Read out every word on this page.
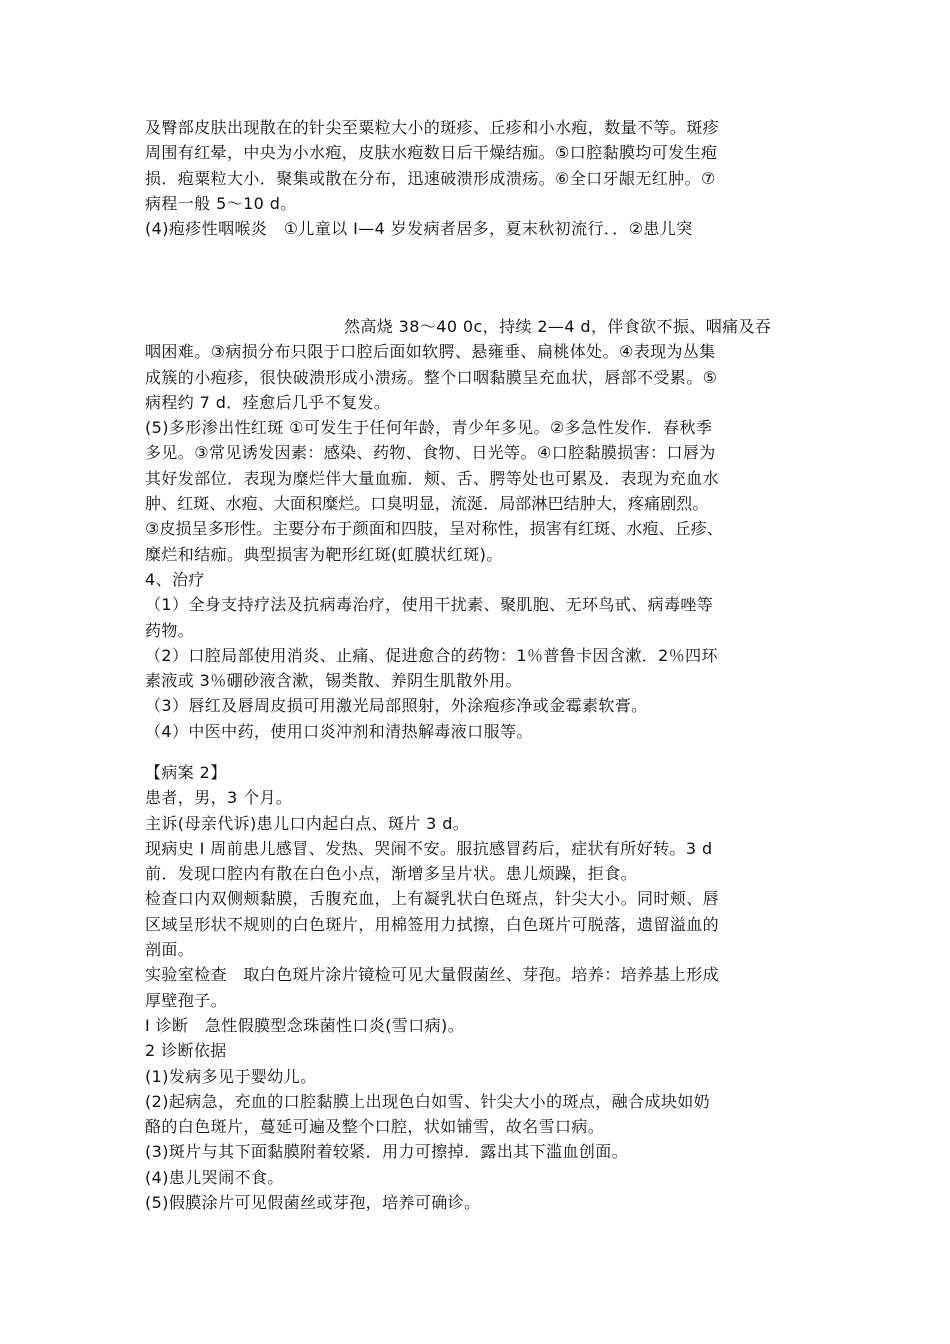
及臀部皮肤出现散在的针尖至粟粒大小的斑疹、丘疹和小水疱，数量不等。斑疹

周围有红晕，中央为小水疱，皮肤水疱数日后干燥结痂。⑤口腔黏膜均可发生疱

损．疱粟粒大小．聚集或散在分布，迅速破溃形成溃疡。⑥全口牙龈无红肿。⑦

病程一般 5～10 d。

(4)疱疹性咽喉炎　①儿童以 I—4 岁发病者居多，夏末秋初流行．．②患儿突

然高烧 38～40 0c，持续 2—4 d，伴食欲不振、咽痛及吞

咽困难。③病损分布只限于口腔后面如软腭、悬雍垂、扁桃体处。④表现为丛集

成簇的小疱疹，很快破溃形成小溃疡。整个口咽黏膜呈充血状，唇部不受累。⑤

病程约 7 d．痊愈后几乎不复发。

(5)多形渗出性红斑 ①可发生于任何年龄，青少年多见。②多急性发作．春秋季

多见。③常见诱发因素：感染、药物、食物、日光等。④口腔黏膜损害：口唇为

其好发部位．表现为糜烂伴大量血痂．颊、舌、腭等处也可累及．表现为充血水

肿、红斑、水疱、大面积糜烂。口臭明显，流涎．局部淋巴结肿大，疼痛剧烈。

③皮损呈多形性。主要分布于颜面和四肢，呈对称性，损害有红斑、水疱、丘疹、

糜烂和结痂。典型损害为靶形红斑(虹膜状红斑)。

4、治疗

（1）全身支持疗法及抗病毒治疗，使用干扰素、聚肌胞、无环鸟甙、病毒唑等

药物。

（2）口腔局部使用消炎、止痛、促进愈合的药物：1％普鲁卡因含漱．2％四环

素液或 3％硼砂液含漱，锡类散、养阴生肌散外用。

（3）唇红及唇周皮损可用激光局部照射，外涂疱疹净或金霉素软膏。

（4）中医中药，使用口炎冲剂和清热解毒液口服等。

【病案 2】

患者，男，3 个月。

主诉(母亲代诉)患儿口内起白点、斑片 3 d。

现病史 I 周前患儿感冒、发热、哭闹不安。服抗感冒药后，症状有所好转。3 d

前．发现口腔内有散在白色小点，渐增多呈片状。患儿烦躁，拒食。

检查口内双侧颊黏膜，舌腹充血，上有凝乳状白色斑点，针尖大小。同时颊、唇

区域呈形状不规则的白色斑片，用棉签用力拭擦，白色斑片可脱落，遗留溢血的

剖面。

实验室检查　取白色斑片涂片镜检可见大量假菌丝、芽孢。培养：培养基上形成

厚壁孢子。

I 诊断　急性假膜型念珠菌性口炎(雪口病)。

2 诊断依据

(1)发病多见于婴幼儿。

(2)起病急，充血的口腔黏膜上出现色白如雪、针尖大小的斑点，融合成块如奶

酪的白色斑片，蔓延可遍及整个口腔，状如铺雪，故名雪口病。

(3)斑片与其下面黏膜附着较紧．用力可擦掉．露出其下滥血创面。

(4)患儿哭闹不食。

(5)假膜涂片可见假菌丝或芽孢，培养可确诊。
